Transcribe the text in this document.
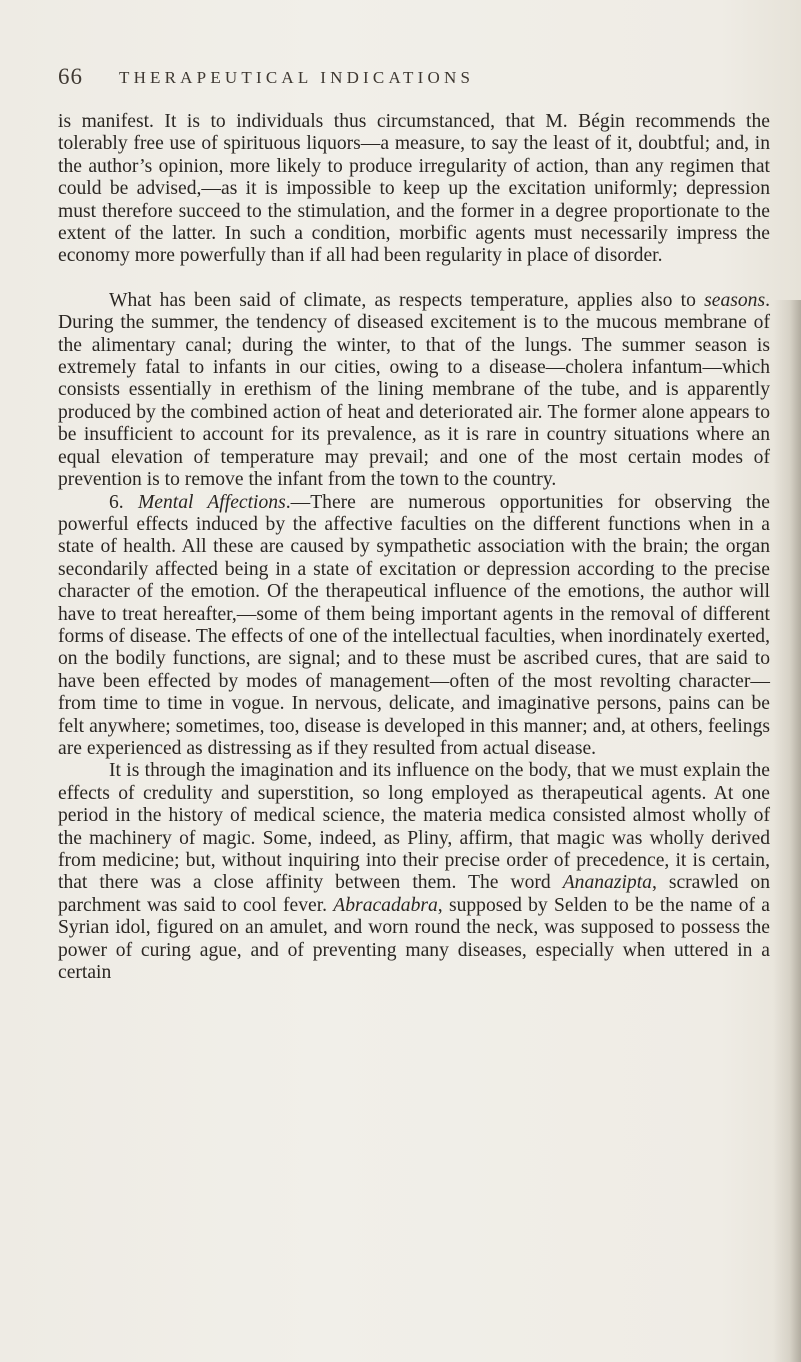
66 THERAPEUTICAL INDICATIONS

is manifest. It is to individuals thus circumstanced, that M. Bégin recommends the tolerably free use of spirituous liquors—a measure, to say the least of it, doubtful; and, in the author’s opinion, more likely to produce irregularity of action, than any regimen that could be advised,—as it is impossible to keep up the excitation uniformly; depression must therefore succeed to the stimulation, and the former in a degree proportionate to the extent of the latter. In such a condition, morbific agents must necessarily impress the economy more powerfully than if all had been regularity in place of disorder.

What has been said of climate, as respects temperature, applies also to seasons. During the summer, the tendency of diseased excitement is to the mucous membrane of the alimentary canal; during the winter, to that of the lungs. The summer season is extremely fatal to infants in our cities, owing to a disease—cholera infantum—which consists essentially in erethism of the lining membrane of the tube, and is apparently produced by the combined action of heat and deteriorated air. The former alone appears to be insufficient to account for its prevalence, as it is rare in country situations where an equal elevation of temperature may prevail; and one of the most certain modes of prevention is to remove the infant from the town to the country.

6. Mental Affections.—There are numerous opportunities for observing the powerful effects induced by the affective faculties on the different functions when in a state of health. All these are caused by sympathetic association with the brain; the organ secondarily affected being in a state of excitation or depression according to the precise character of the emotion. Of the therapeutical influence of the emotions, the author will have to treat hereafter,—some of them being important agents in the removal of different forms of disease. The effects of one of the intellectual faculties, when inordinately exerted, on the bodily functions, are signal; and to these must be ascribed cures, that are said to have been effected by modes of management—often of the most revolting character—from time to time in vogue. In nervous, delicate, and imaginative persons, pains can be felt anywhere; sometimes, too, disease is developed in this manner; and, at others, feelings are experienced as distressing as if they resulted from actual disease.

It is through the imagination and its influence on the body, that we must explain the effects of credulity and superstition, so long employed as therapeutical agents. At one period in the history of medical science, the materia medica consisted almost wholly of the machinery of magic. Some, indeed, as Pliny, affirm, that magic was wholly derived from medicine; but, without inquiring into their precise order of precedence, it is certain, that there was a close affinity between them. The word Ananazipta, scrawled on parchment was said to cool fever. Abracadabra, supposed by Selden to be the name of a Syrian idol, figured on an amulet, and worn round the neck, was supposed to possess the power of curing ague, and of preventing many diseases, especially when uttered in a certain
